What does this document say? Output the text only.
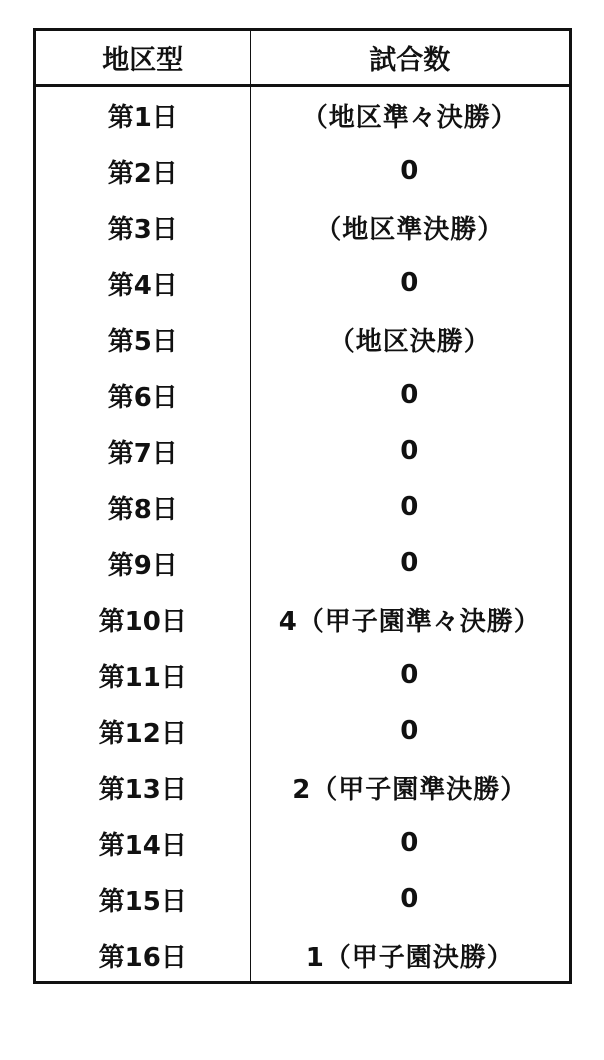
地区型	試合数
第1日	（地区準々決勝）
第2日	0
第3日	（地区準決勝）
第4日	0
第5日	（地区決勝）
第6日	0
第7日	0
第8日	0
第9日	0
第10日	4（甲子園準々決勝）
第11日	0
第12日	0
第13日	2（甲子園準決勝）
第14日	0
第15日	0
第16日	1（甲子園決勝）
